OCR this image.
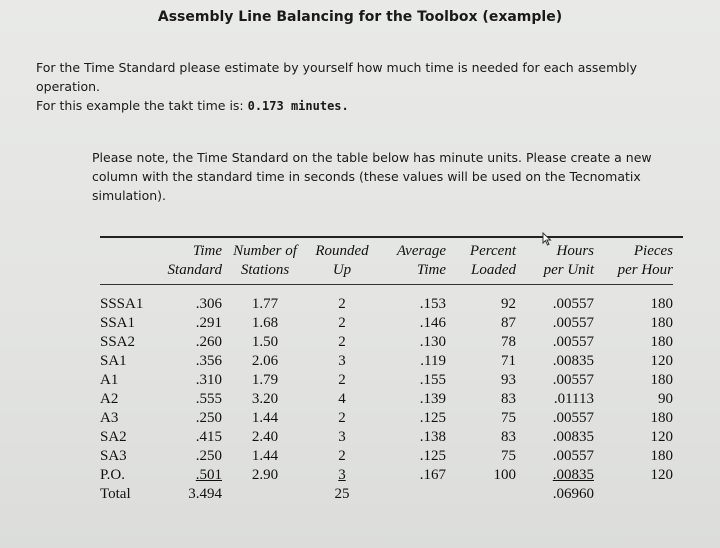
Assembly Line Balancing for the Toolbox (example)
For the Time Standard please estimate by yourself how much time is needed for each assembly operation.
For this example the takt time is: 0.173 minutes.
Please note, the Time Standard on the table below has minute units. Please create a new column with the standard time in seconds (these values will be used on the Tecnomatix simulation).
	Time	Number of	Rounded	Average	Percent	Hours	Pieces
	Standard	Stations	Up	Time	Loaded	per Unit	per Hour
SSSA1	.306	1.77	2	.153	92	.00557	180
SSA1	.291	1.68	2	.146	87	.00557	180
SSA2	.260	1.50	2	.130	78	.00557	180
SA1	.356	2.06	3	.119	71	.00835	120
A1	.310	1.79	2	.155	93	.00557	180
A2	.555	3.20	4	.139	83	.01113	90
A3	.250	1.44	2	.125	75	.00557	180
SA2	.415	2.40	3	.138	83	.00835	120
SA3	.250	1.44	2	.125	75	.00557	180
P.O.	.501	2.90	3	.167	100	.00835	120
Total	3.494		25			.06960	
